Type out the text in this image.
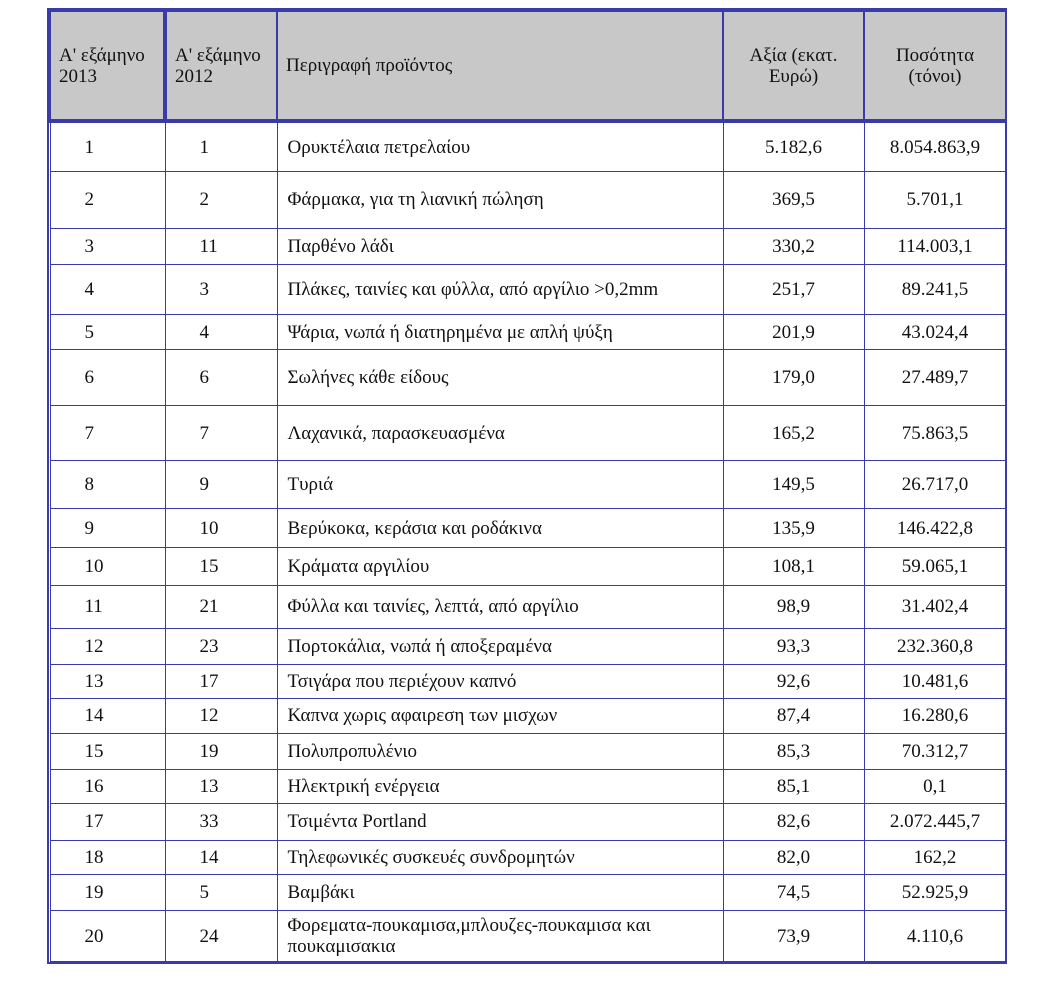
Α' εξάμηνο 2013	Α' εξάμηνο 2012	Περιγραφή προϊόντος	Αξία (εκατ. Ευρώ)	Ποσότητα (τόνοι)
1	1	Ορυκτέλαια πετρελαίου	5.182,6	8.054.863,9
2	2	Φάρμακα, για τη λιανική πώληση	369,5	5.701,1
3	11	Παρθένο λάδι	330,2	114.003,1
4	3	Πλάκες, ταινίες και φύλλα, από αργίλιο >0,2mm	251,7	89.241,5
5	4	Ψάρια, νωπά ή διατηρημένα με απλή ψύξη	201,9	43.024,4
6	6	Σωλήνες κάθε είδους	179,0	27.489,7
7	7	Λαχανικά, παρασκευασμένα	165,2	75.863,5
8	9	Τυριά	149,5	26.717,0
9	10	Βερύκοκα, κεράσια και ροδάκινα	135,9	146.422,8
10	15	Κράματα αργιλίου	108,1	59.065,1
11	21	Φύλλα και ταινίες, λεπτά, από αργίλιο	98,9	31.402,4
12	23	Πορτοκάλια, νωπά ή αποξεραμένα	93,3	232.360,8
13	17	Τσιγάρα που περιέχουν καπνό	92,6	10.481,6
14	12	Καπνα χωρις αφαιρεση των μισχων	87,4	16.280,6
15	19	Πολυπροπυλένιο	85,3	70.312,7
16	13	Ηλεκτρική ενέργεια	85,1	0,1
17	33	Τσιμέντα Portland	82,6	2.072.445,7
18	14	Τηλεφωνικές συσκευές συνδρομητών	82,0	162,2
19	5	Βαμβάκι	74,5	52.925,9
20	24	Φορεματα-πουκαμισα,μπλουζες-πουκαμισα και πουκαμισακια	73,9	4.110,6
